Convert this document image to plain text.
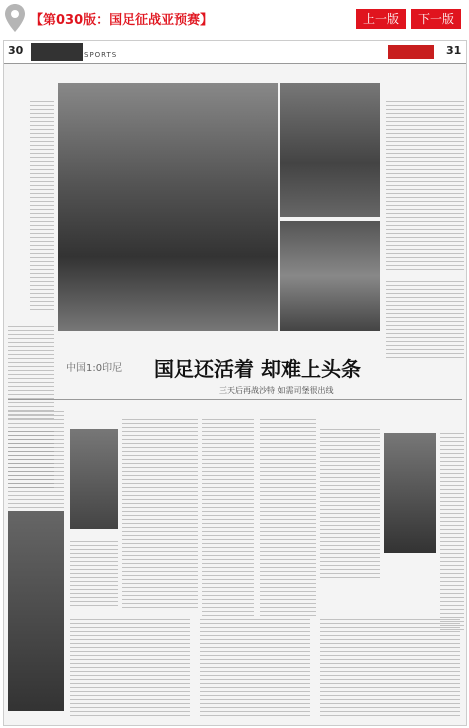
【第030版：国足征战亚预赛】	上一版	下一版
30	SPORTS	31
中国1:0印尼 国足还活着 却难上头条
三天后再战沙特 如需司堡很出线
